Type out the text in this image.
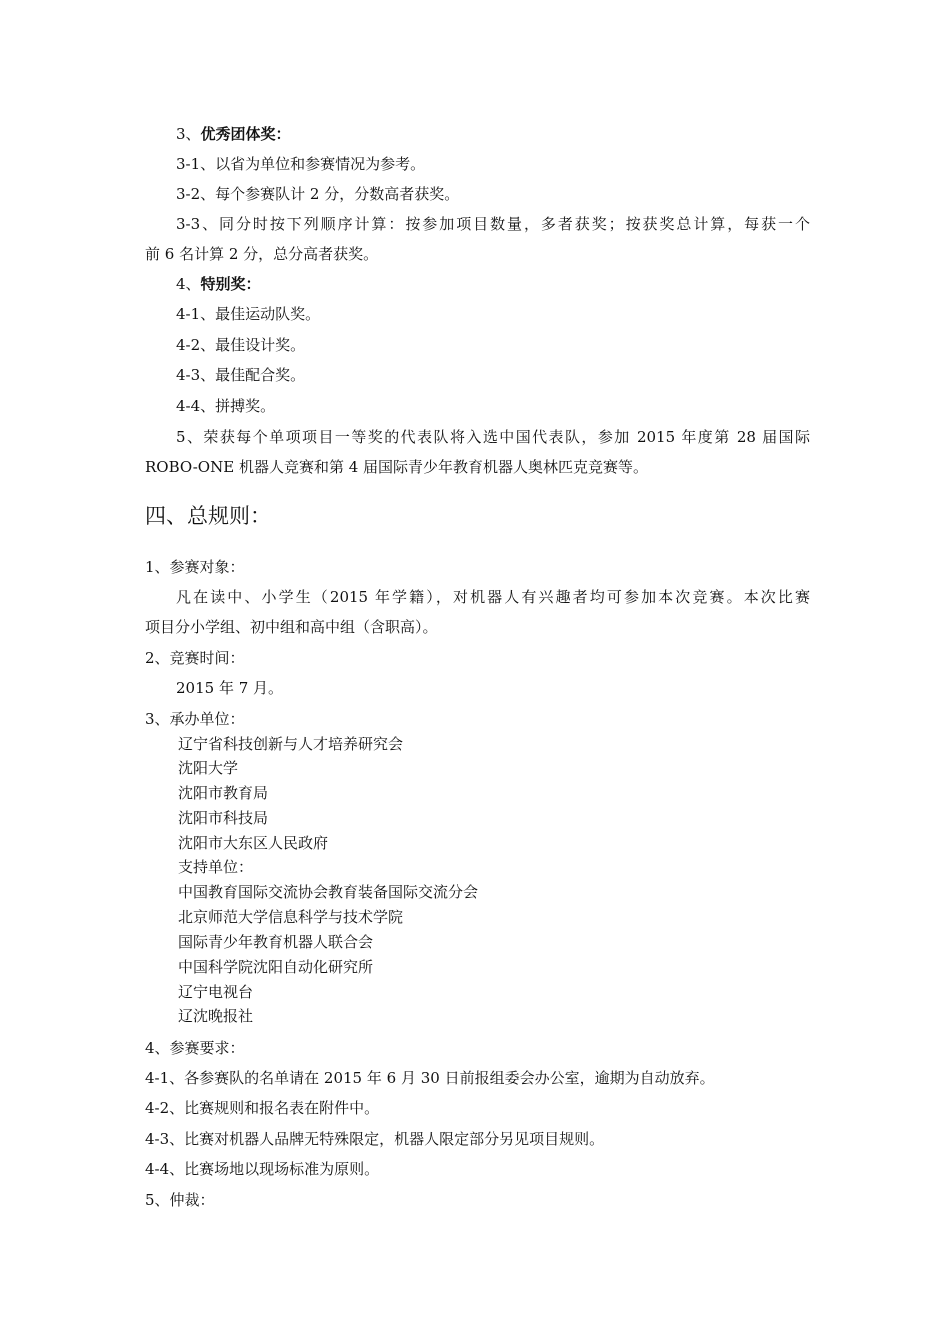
3、优秀团体奖：
3-1、以省为单位和参赛情况为参考。
3-2、每个参赛队计 2 分，分数高者获奖。
3-3、同分时按下列顺序计算：按参加项目数量，多者获奖；按获奖总计算，每获一个
前 6 名计算 2 分，总分高者获奖。
4、特别奖：
4-1、最佳运动队奖。
4-2、最佳设计奖。
4-3、最佳配合奖。
4-4、拼搏奖。
5、荣获每个单项项目一等奖的代表队将入选中国代表队，参加 2015 年度第 28 届国际
ROBO-ONE 机器人竞赛和第 4 届国际青少年教育机器人奥林匹克竞赛等。
四、总规则：
1、参赛对象：
凡在读中、小学生（2015 年学籍），对机器人有兴趣者均可参加本次竞赛。本次比赛
项目分小学组、初中组和高中组（含职高）。
2、竞赛时间：
2015 年 7 月。
3、承办单位：
辽宁省科技创新与人才培养研究会
沈阳大学
沈阳市教育局
沈阳市科技局
沈阳市大东区人民政府
支持单位：
中国教育国际交流协会教育装备国际交流分会
北京师范大学信息科学与技术学院
国际青少年教育机器人联合会
中国科学院沈阳自动化研究所
辽宁电视台
辽沈晚报社
4、参赛要求：
4-1、各参赛队的名单请在 2015 年 6 月 30 日前报组委会办公室，逾期为自动放弃。
4-2、比赛规则和报名表在附件中。
4-3、比赛对机器人品牌无特殊限定，机器人限定部分另见项目规则。
4-4、比赛场地以现场标准为原则。
5、仲裁：
